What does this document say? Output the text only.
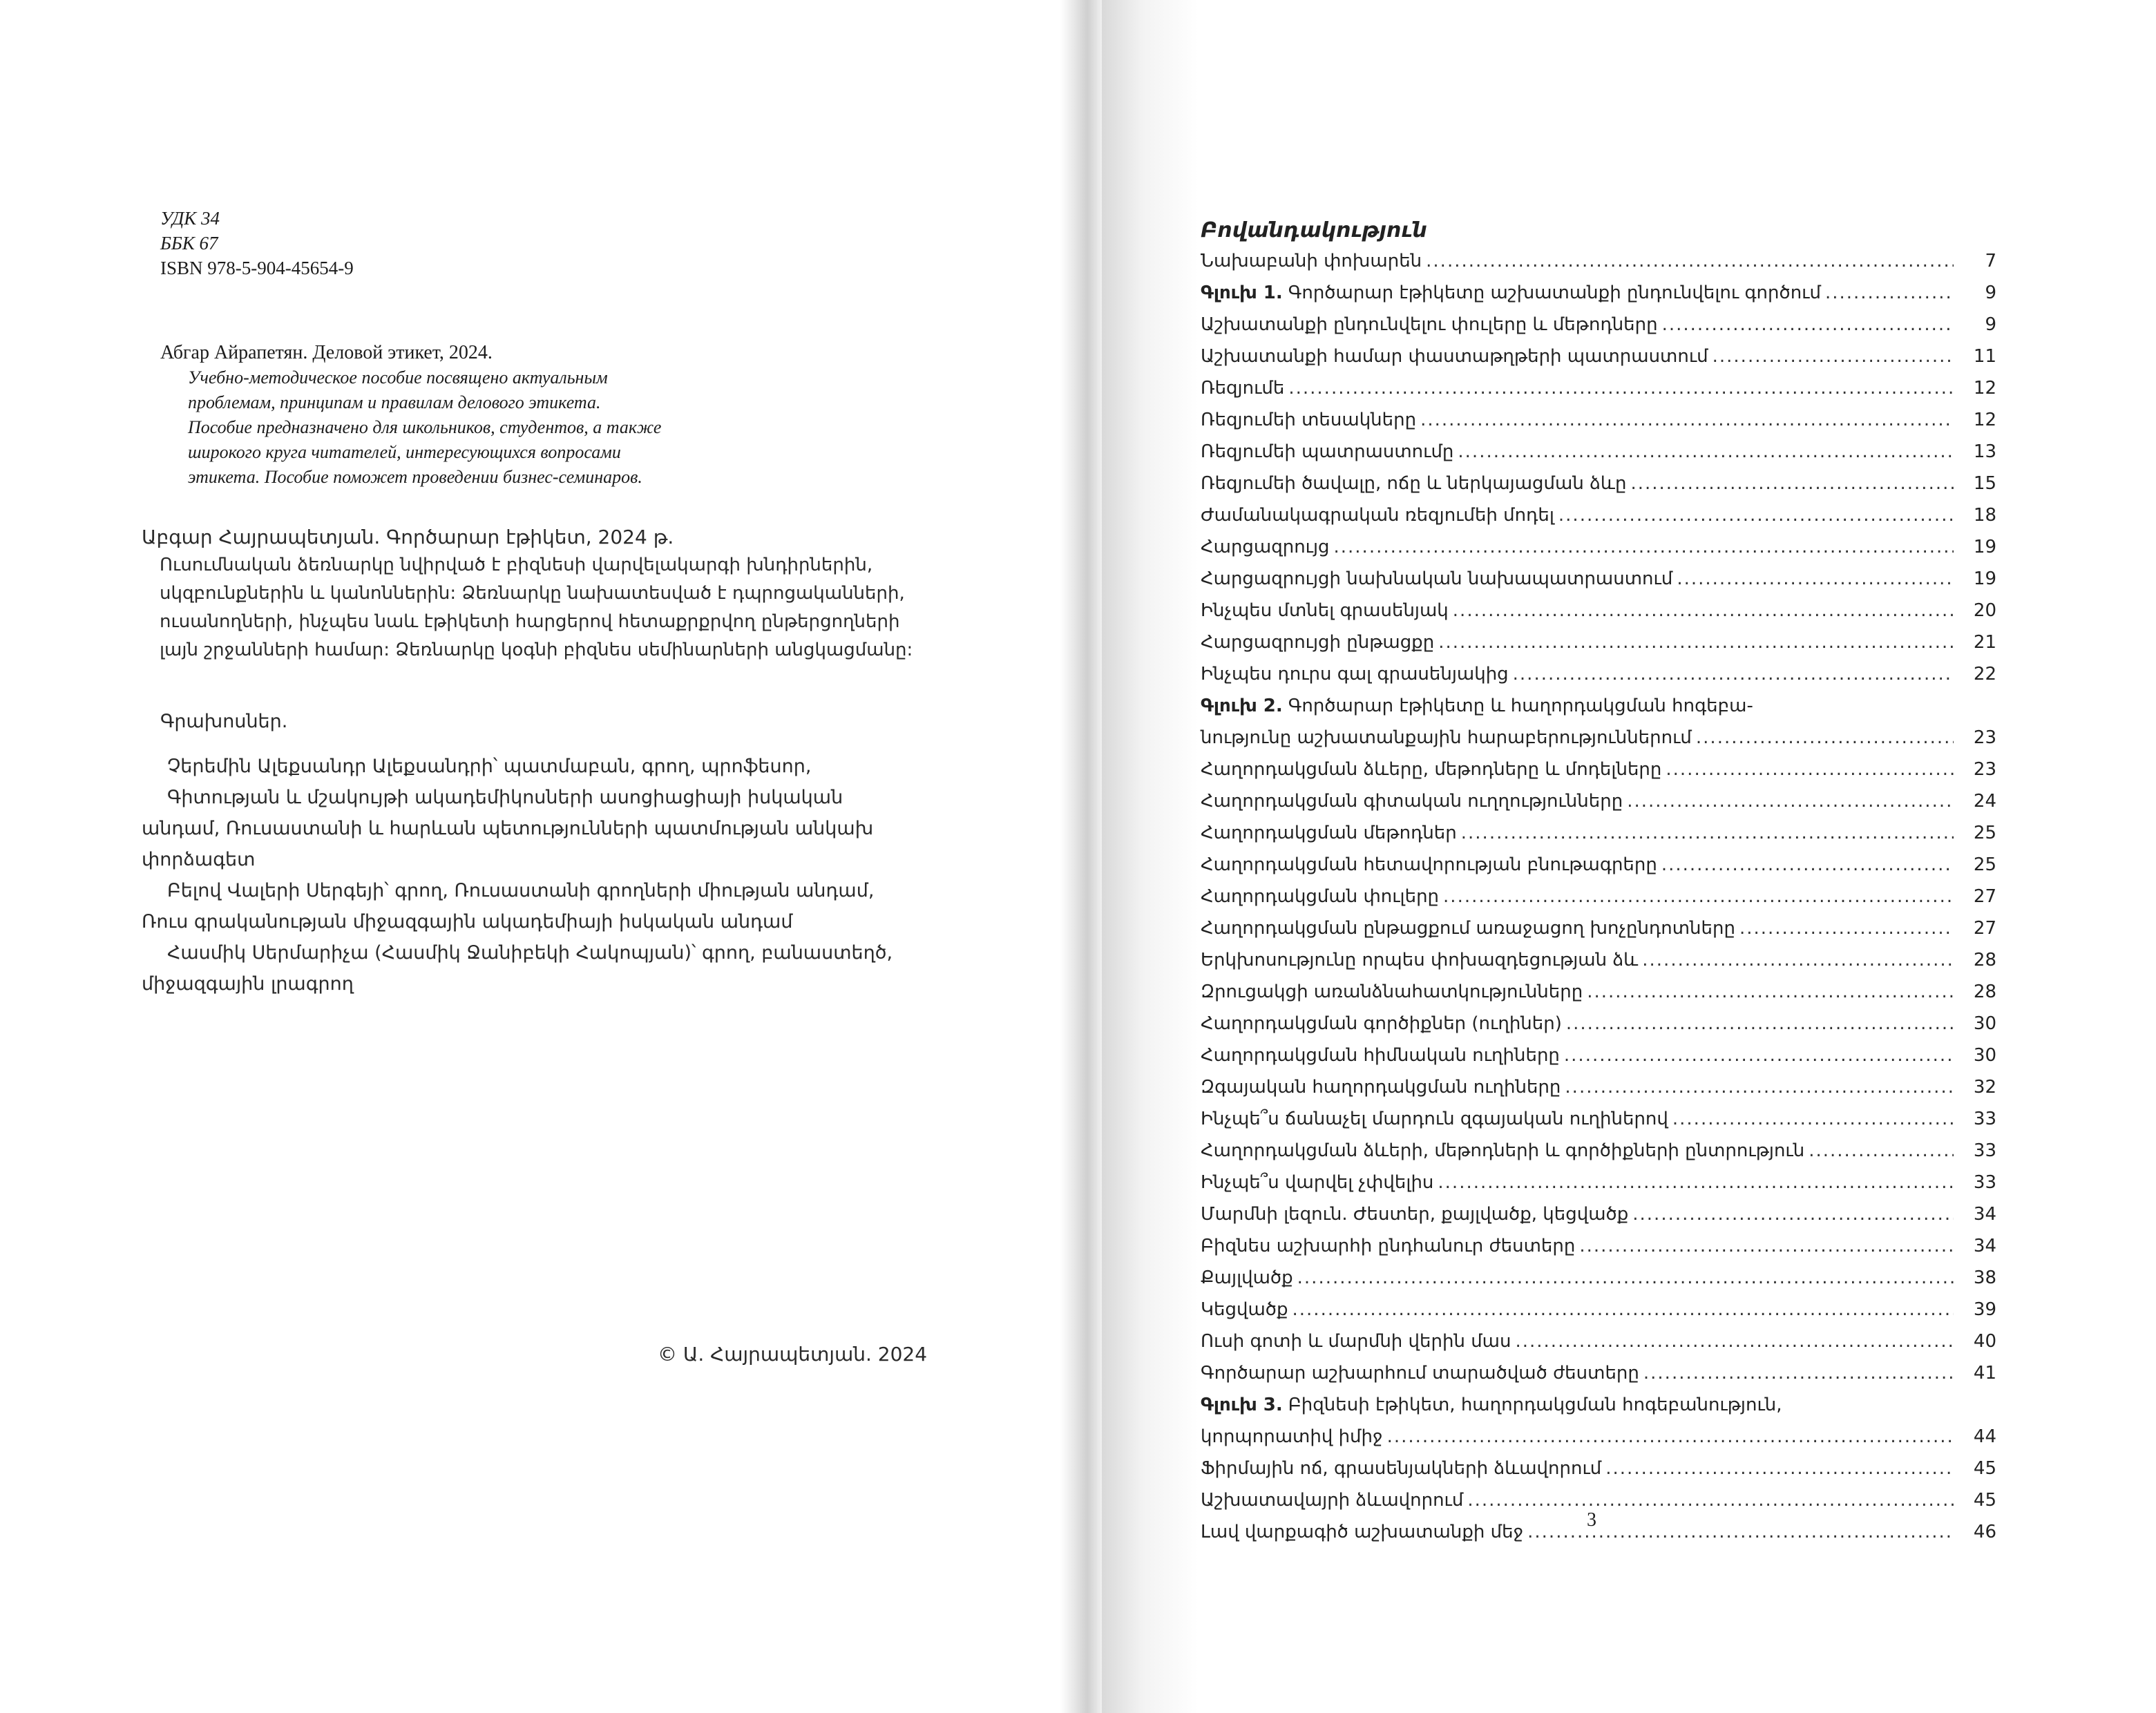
УДК 34
ББК 67
ISBN 978-5-904-45654-9
Абгар Айрапетян. Деловой этикет, 2024.
Учебно-методическое пособие посвящено актуальным
проблемам, принципам и правилам делового этикета.
Пособие предназначено для школьников, студентов, а также
широкого круга читателей, интересующихся вопросами
этикета. Пособие поможет проведении бизнес-семинаров.
Աբգար Հայրապետյան. Գործարար էթիկետ, 2024 թ.
Ուսումնական ձեռնարկը նվիրված է բիզնեսի վարվելակարգի խնդիրներին,
սկզբունքներին և կանոններին: Ձեռնարկը նախատեսված է դպրոցականների,
ուսանողների, ինչպես նաև էթիկետի հարցերով հետաքրքրվող ընթերցողների
լայն շրջանների համար: Ձեռնարկը կօգնի բիզնես սեմինարների անցկացմանը:
Գրախոսներ.
Չերեմին Ալեքսանդր Ալեքսանդրի՝ պատմաբան, գրող, պրոֆեսոր,
Գիտության և մշակույթի ակադեմիկոսների ասոցիացիայի իսկական
անդամ, Ռուսաստանի և հարևան պետությունների պատմության անկախ
փորձագետ
Բելով Վալերի Սերգեյի՝ գրող, Ռուսաստանի գրողների միության անդամ,
Ռուս գրականության միջազգային ակադեմիայի իսկական անդամ
Հասմիկ Սերմարիչա (Հասմիկ Ջանիբեկի Հակոպյան)՝ գրող, բանաստեղծ,
միջազգային լրագրող
© Ա. Հայրապետյան. 2024
Բովանդակություն
Նախաբանի փոխարեն .....	7
Գլուխ 1. Գործարար էթիկետը աշխատանքի ընդունվելու գործում .....	9
Աշխատանքի ընդունվելու փուլերը և մեթոդները .....	9
Աշխատանքի համար փաստաթղթերի պատրաստում .....	11
Ռեզյումե .....	12
Ռեզյումեի տեսակները .....	12
Ռեզյումեի պատրաստումը .....	13
Ռեզյումեի ծավալը, ոճը և ներկայացման ձևը .....	15
Ժամանակագրական ռեզյումեի մոդել .....	18
Հարցազրույց .....	19
Հարցազրույցի նախնական նախապատրաստում .....	19
Ինչպես մտնել գրասենյակ .....	20
Հարցազրույցի ընթացքը .....	21
Ինչպես դուրս գալ գրասենյակից .....	22
Գլուխ 2. Գործարար էթիկետը և հաղորդակցման հոգեբա-
նությունը աշխատանքային հարաբերություններում .....	23
Հաղորդակցման ձևերը, մեթոդները և մոդելները .....	23
Հաղորդակցման գիտական ուղղությունները .....	24
Հաղորդակցման մեթոդներ .....	25
Հաղորդակցման հետավորության բնութագրերը .....	25
Հաղորդակցման փուլերը .....	27
Հաղորդակցման ընթացքում առաջացող խոչընդոտները .....	27
Երկխոսությունը որպես փոխազդեցության ձև .....	28
Զրուցակցի առանձնահատկությունները .....	28
Հաղորդակցման գործիքներ (ուղիներ) .....	30
Հաղորդակցման հիմնական ուղիները .....	30
Զգայական հաղորդակցման ուղիները .....	32
Ինչպե՞ս ճանաչել մարդուն զգայական ուղիներով .....	33
Հաղորդակցման ձևերի, մեթոդների և գործիքների ընտրություն .....	33
Ինչպե՞ս վարվել չփվելիս .....	33
Մարմնի լեզուն. Ժեստեր, քայլվածք, կեցվածք .....	34
Բիզնես աշխարհի ընդհանուր ժեստերը .....	34
Քայլվածք .....	38
Կեցվածք .....	39
Ուսի գոտի և մարմնի վերին մաս .....	40
Գործարար աշխարհում տարածված ժեստերը .....	41
Գլուխ 3. Բիզնեսի էթիկետ, հաղորդակցման հոգեբանություն,
կորպորատիվ իմիջ .....	44
Ֆիրմային ոճ, գրասենյակների ձևավորում .....	45
Աշխատավայրի ձևավորում .....	45
Լավ վարքագիծ աշխատանքի մեջ .....	46
3
